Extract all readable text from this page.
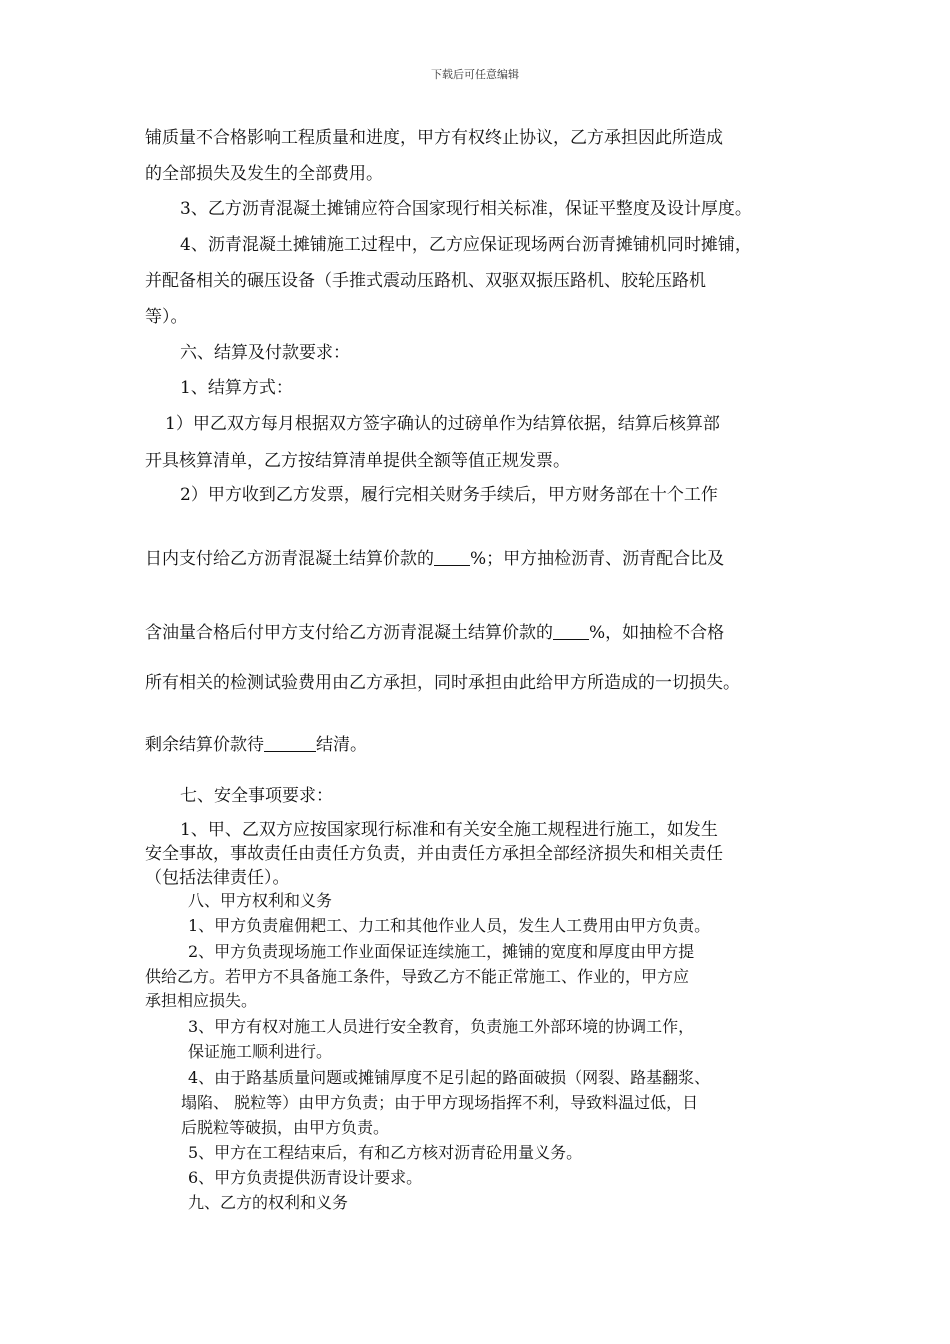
下载后可任意编辑
铺质量不合格影响工程质量和进度，甲方有权终止协议，乙方承担因此所造成
的全部损失及发生的全部费用。
3、乙方沥青混凝土摊铺应符合国家现行相关标准，保证平整度及设计厚度。
4、沥青混凝土摊铺施工过程中，乙方应保证现场两台沥青摊铺机同时摊铺，
并配备相关的碾压设备（手推式震动压路机、双驱双振压路机、胶轮压路机
等）。
六、结算及付款要求：
1、结算方式：
1）甲乙双方每月根据双方签字确认的过磅单作为结算依据，结算后核算部
开具核算清单，乙方按结算清单提供全额等值正规发票。
2）甲方收到乙方发票，履行完相关财务手续后，甲方财务部在十个工作
日内支付给乙方沥青混凝土结算价款的 %；甲方抽检沥青、沥青配合比及
含油量合格后付甲方支付给乙方沥青混凝土结算价款的 %，如抽检不合格
所有相关的检测试验费用由乙方承担，同时承担由此给甲方所造成的一切损失。
剩余结算价款待	结清。
七、安全事项要求：
1、甲、乙双方应按国家现行标准和有关安全施工规程进行施工，如发生
安全事故，事故责任由责任方负责，并由责任方承担全部经济损失和相关责任
（包括法律责任）。
八、甲方权利和义务
1、甲方负责雇佣耙工、力工和其他作业人员，发生人工费用由甲方负责。
2、甲方负责现场施工作业面保证连续施工，摊铺的宽度和厚度由甲方提
供给乙方。若甲方不具备施工条件，导致乙方不能正常施工、作业的，甲方应
承担相应损失。
3、甲方有权对施工人员进行安全教育，负责施工外部环境的协调工作，
保证施工顺利进行。
4、由于路基质量问题或摊铺厚度不足引起的路面破损（网裂、路基翻浆、
塌陷、 脱粒等）由甲方负责；由于甲方现场指挥不利，导致料温过低，日
后脱粒等破损，由甲方负责。
5、甲方在工程结束后，有和乙方核对沥青砼用量义务。
6、甲方负责提供沥青设计要求。
九、乙方的权利和义务
